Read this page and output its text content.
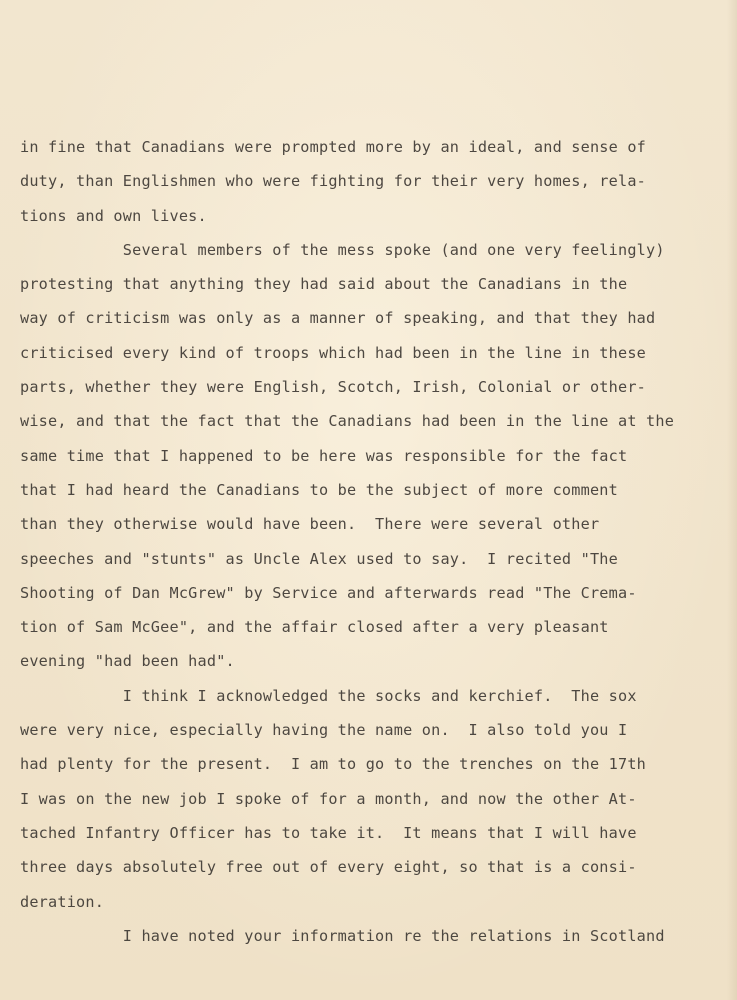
in fine that Canadians were prompted more by an ideal, and sense of
duty, than Englishmen who were fighting for their very homes, rela-
tions and own lives.
Several members of the mess spoke (and one very feelingly)
protesting that anything they had said about the Canadians in the
way of criticism was only as a manner of speaking, and that they had
criticised every kind of troops which had been in the line in these
parts, whether they were English, Scotch, Irish, Colonial or other-
wise, and that the fact that the Canadians had been in the line at the
same time that I happened to be here was responsible for the fact
that I had heard the Canadians to be the subject of more comment
than they otherwise would have been.  There were several other
speeches and "stunts" as Uncle Alex used to say.  I recited "The
Shooting of Dan McGrew" by Service and afterwards read "The Crema-
tion of Sam McGee", and the affair closed after a very pleasant
evening "had been had".
I think I acknowledged the socks and kerchief.  The sox
were very nice, especially having the name on.  I also told you I
had plenty for the present.  I am to go to the trenches on the 17th
I was on the new job I spoke of for a month, and now the other At-
tached Infantry Officer has to take it.  It means that I will have
three days absolutely free out of every eight, so that is a consi-
deration.
I have noted your information re the relations in Scotland
